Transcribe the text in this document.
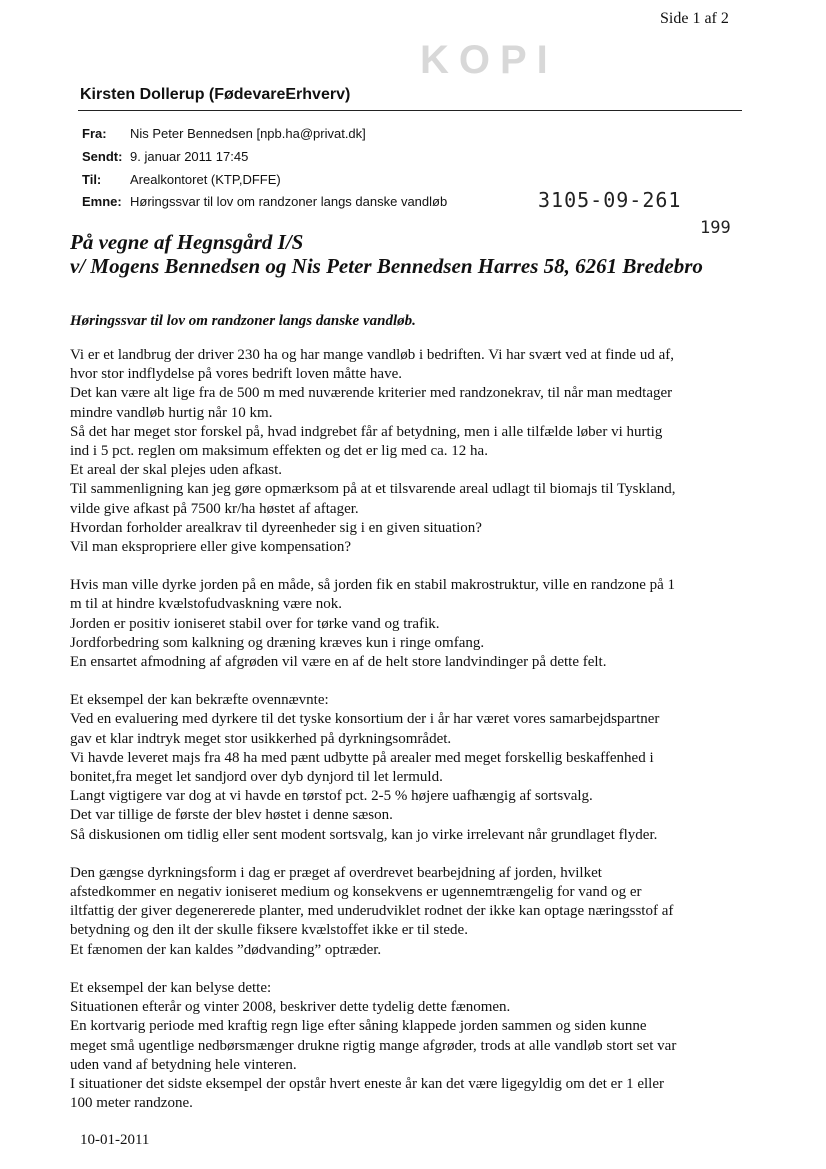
Side 1 af 2
KOPI
Kirsten Dollerup (FødevareErhverv)
Fra:	Nis Peter Bennedsen [npb.ha@privat.dk]
Sendt: 9. januar 2011 17:45
Til:	Arealkontoret (KTP,DFFE)
Emne: Høringssvar til lov om randzoner langs danske vandløb	3105-09-261
199
På vegne af Hegnsgård I/S
v/ Mogens Bennedsen og Nis Peter Bennedsen Harres 58, 6261 Bredebro
Høringssvar til lov om randzoner langs danske vandløb.

Vi er et landbrug der driver 230 ha og har mange vandløb i bedriften. Vi har svært ved at finde ud af,
hvor stor indflydelse på vores bedrift loven måtte have.
Det kan være alt lige fra de 500 m med nuværende kriterier med randzonekrav, til når man medtager
mindre vandløb hurtig når 10 km.
Så det har meget stor forskel på, hvad indgrebet får af betydning, men i alle tilfælde løber vi hurtig
ind i 5 pct. reglen om maksimum effekten og det er lig med ca. 12 ha.
Et areal der skal plejes uden afkast.
Til sammenligning kan jeg gøre opmærksom på at et tilsvarende areal udlagt til biomajs til Tyskland,
vilde give afkast på 7500 kr/ha høstet af aftager.
Hvordan forholder arealkrav til dyreenheder sig i en given situation?
Vil man ekspropriere eller give kompensation?

Hvis man ville dyrke jorden på en måde, så jorden fik en stabil makrostruktur, ville en randzone på 1
m til at hindre kvælstofudvaskning være nok.
Jorden er positiv ioniseret stabil over for tørke vand og trafik.
Jordforbedring som kalkning og dræning kræves kun i ringe omfang.
En ensartet afmodning af afgrøden vil være en af de helt store landvindinger på dette felt.

Et eksempel der kan bekræfte ovennævnte:
Ved en evaluering med dyrkere til det tyske konsortium der i år har været vores samarbejdspartner
gav et klar indtryk meget stor usikkerhed på dyrkningsområdet.
Vi havde leveret majs fra 48 ha med pænt udbytte på arealer med meget forskellig beskaffenhed i
bonitet,fra meget let sandjord over dyb dynjord til let lermuld.
Langt vigtigere var dog at vi havde en tørstof pct. 2-5 % højere uafhængig af sortsvalg.
Det var tillige de første der blev høstet i denne sæson.
Så diskusionen om tidlig eller sent modent sortsvalg, kan jo virke irrelevant når grundlaget flyder.

Den gængse dyrkningsform i dag er præget af overdrevet bearbejdning af jorden, hvilket
afstedkommer en negativ ioniseret medium og konsekvens er ugennemtrængelig for vand og er
iltfattig der giver degenererede planter, med underudviklet rodnet der ikke kan optage næringsstof af
betydning og den ilt der skulle fiksere kvælstoffet ikke er til stede.
Et fænomen der kan kaldes ”dødvanding” optræder.

Et eksempel der kan belyse dette:
Situationen efterår og vinter 2008, beskriver dette tydelig dette fænomen.
En kortvarig periode med kraftig regn lige efter såning klappede jorden sammen og siden kunne
meget små ugentlige nedbørsmænger drukne rigtig mange afgrøder, trods at alle vandløb stort set var
uden vand af betydning hele vinteren.
I situationer det sidste eksempel der opstår hvert eneste år kan det være ligegyldig om det er 1 eller
100 meter randzone.

10-01-2011
